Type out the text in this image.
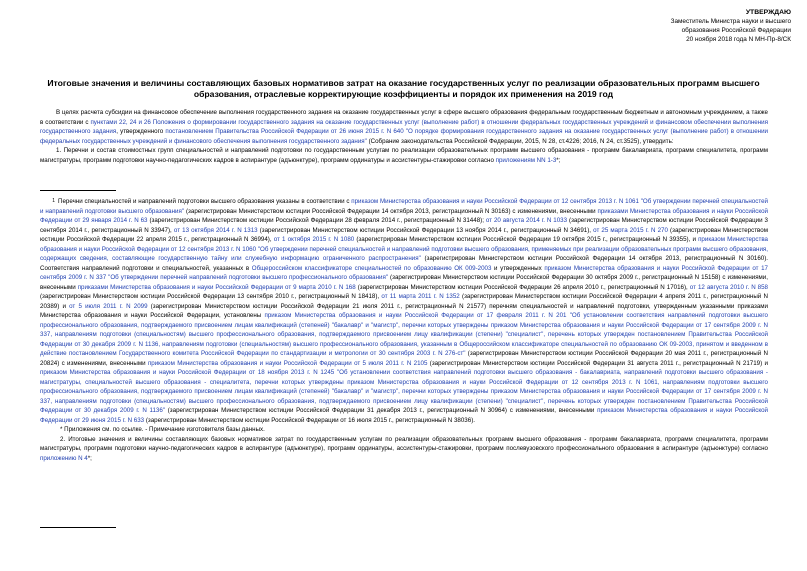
УТВЕРЖДАЮ
Заместитель Министра науки и высшего
образования Российской Федерации
20 ноября 2018 года N МН-Пр-8/СК
Итоговые значения и величины составляющих базовых нормативов затрат на оказание государственных услуг по реализации образовательных программ высшего образования, отраслевые корректирующие коэффициенты и порядок их применения на 2019 год

В целях расчета субсидии на финансовое обеспечение выполнения государственного задания на оказание государственных услуг в сфере высшего образования федеральным государственным бюджетным и автономным учреждением, а также в соответствии с пунктами 22, 24 и 26 Положения о формировании государственного задания на оказание государственных услуг (выполнение работ) в отношении федеральных государственных учреждений и финансовом обеспечении выполнения государственного задания, утвержденного постановлением Правительства Российской Федерации от 26 июня 2015 г. N 640 "О порядке формирования государственного задания на оказание государственных услуг (выполнение работ) в отношении федеральных государственных учреждений и финансового обеспечения выполнения государственного задания" (Собрание законодательства Российской Федерации, 2015, N 28, ст.4226; 2016, N 24, ст.3525), утвердить:

1. Перечни и состав стоимостных групп специальностей и направлений подготовки по государственным услугам по реализации образовательных программ высшего образования - программ бакалавриата, программ специалитета, программ магистратуры, программ подготовки научно-педагогических кадров в аспирантуре (адъюнктуре), программ ординатуры и ассистентуры-стажировки согласно приложениям NN 1-3*;

1 Перечни специальностей и направлений подготовки высшего образования указаны в соответствии с приказом Министерства образования и науки Российской Федерации от 12 сентября 2013 г. N 1061 "Об утверждении перечней специальностей и направлений подготовки высшего образования" (зарегистрирован Министерством юстиции Российской Федерации 14 октября 2013, регистрационный N 30163) с изменениями, внесенными приказами Министерства образования и науки Российской Федерации от 29 января 2014 г. N 63 (зарегистрирован Министерством юстиции Российской Федерации 28 февраля 2014 г., регистрационный N 31448); от 20 августа 2014 г. N 1033 (зарегистрирован Министерством юстиции Российской Федерации 3 сентября 2014 г., регистрационный N 33947), от 13 октября 2014 г. N 1313 (зарегистрирован Министерством юстиции Российской Федерации 13 ноября 2014 г., регистрационный N 34691), от 25 марта 2015 г. N 270 (зарегистрирован Министерством юстиции Российской Федерации 22 апреля 2015 г., регистрационный N 36994), от 1 октября 2015 г. N 1080 (зарегистрирован Министерством юстиции Российской Федерации 19 октября 2015 г., регистрационный N 39355), и приказом Министерства образования и науки Российской Федерации от 12 сентября 2013 г. N 1060 "Об утверждении перечней специальностей и направлений подготовки высшего образования, применяемых при реализации образовательных программ высшего образования, содержащих сведения, составляющие государственную тайну или служебную информацию ограниченного распространения" (зарегистрирован Министерством юстиции Российской Федерации 14 октября 2013, регистрационный N 30160). Соответствия направлений подготовки и специальностей, указанных в Общероссийском классификаторе специальностей по образованию ОК 009-2003 и утвержденных приказом Министерства образования и науки Российской Федерации от 17 сентября 2009 г. N 337 "Об утверждении перечней направлений подготовки высшего профессионального образования" (зарегистрирован Министерством юстиции Российской Федерации 30 октября 2009 г., регистрационный N 15158) с изменениями, внесенными приказами Министерства образования и науки Российской Федерации от 9 марта 2010 г. N 168 (зарегистрирован Министерством юстиции Российской Федерации 26 апреля 2010 г., регистрационный N 17016), от 12 августа 2010 г. N 858 (зарегистрирован Министерством юстиции Российской Федерации 13 сентября 2010 г., регистрационный N 18418), от 11 марта 2011 г. N 1352 (зарегистрирован Министерством юстиции Российской Федерации 4 апреля 2011 г., регистрационный N 20389) и от 5 июля 2011 г. N 2099 (зарегистрирован Министерством юстиции Российской Федерации 21 июля 2011 г., регистрационный N 21577) перечням специальностей и направлений подготовки, утвержденным указанными приказами Министерства образования и науки Российской Федерации, установлены приказом Министерства образования и науки Российской Федерации от 17 февраля 2011 г. N 201 "Об установлении соответствия направлений подготовки высшего профессионального образования, подтверждаемого присвоением лицам квалификаций (степеней) "бакалавр" и "магистр", перечни которых утверждены приказом Министерства образования и науки Российской Федерации от 17 сентября 2009 г. N 337, направлениям подготовки (специальностям) высшего профессионального образования, подтверждаемого присвоением лицу квалификации (степени) "специалист", перечень которых утвержден постановлением Правительства Российской Федерации от 30 декабря 2009 г. N 1136, направлениям подготовки (специальностям) высшего профессионального образования, указанным в Общероссийском классификаторе специальностей по образованию ОК 09-2003, принятом и введенном в действие постановлением Государственного комитета Российской Федерации по стандартизации и метрологии от 30 сентября 2003 г. N 276-ст" (зарегистрирован Министерством юстиции Российской Федерации 20 мая 2011 г., регистрационный N 20824) с изменениями, внесенными приказом Министерства образования и науки Российской Федерации от 5 июля 2011 г. N 2105 (зарегистрирован Министерством юстиции Российской Федерации 31 августа 2011 г., регистрационный N 21719) и приказом Министерства образования и науки Российской Федерации от 18 ноября 2013 г. N 1245 "Об установлении соответствия направлений подготовки высшего образования - бакалавриата, направлений подготовки высшего образования - магистратуры, специальностей высшего образования - специалитета, перечни которых утверждены приказом Министерства образования и науки Российской Федерации от 12 сентября 2013 г. N 1061, направлениям подготовки высшего профессионального образования, подтверждаемого присвоением лицам квалификаций (степеней) "бакалавр" и "магистр", перечни которых утверждены приказом Министерства образования и науки Российской Федерации от 17 сентября 2009 г. N 337, направлениям подготовки (специальностям) высшего профессионального образования, подтверждаемого присвоением лицу квалификации (степени) "специалист", перечень которых утвержден постановлением Правительства Российской Федерации от 30 декабря 2009 г. N 1136" (зарегистрирован Министерством юстиции Российской Федерации 31 декабря 2013 г., регистрационный N 30964) с изменениями, внесенными приказом Министерства образования и науки Российской Федерации от 29 июня 2015 г. N 633 (зарегистрирован Министерством юстиции Российской Федерации от 16 июля 2015 г., регистрационный N 38036).

* Приложения см. по ссылке. - Примечание изготовителя базы данных.

2. Итоговые значения и величины составляющих базовых нормативов затрат по государственным услугам по реализации образовательных программ высшего образования - программ бакалавриата, программ специалитета, программ магистратуры, программ подготовки научно-педагогических кадров в аспирантуре (адъюнктуре), программ ординатуры, ассистентуры-стажировки, программ послевузовского профессионального образования в аспирантуре (адъюнктуре) согласно приложению N 4*;
